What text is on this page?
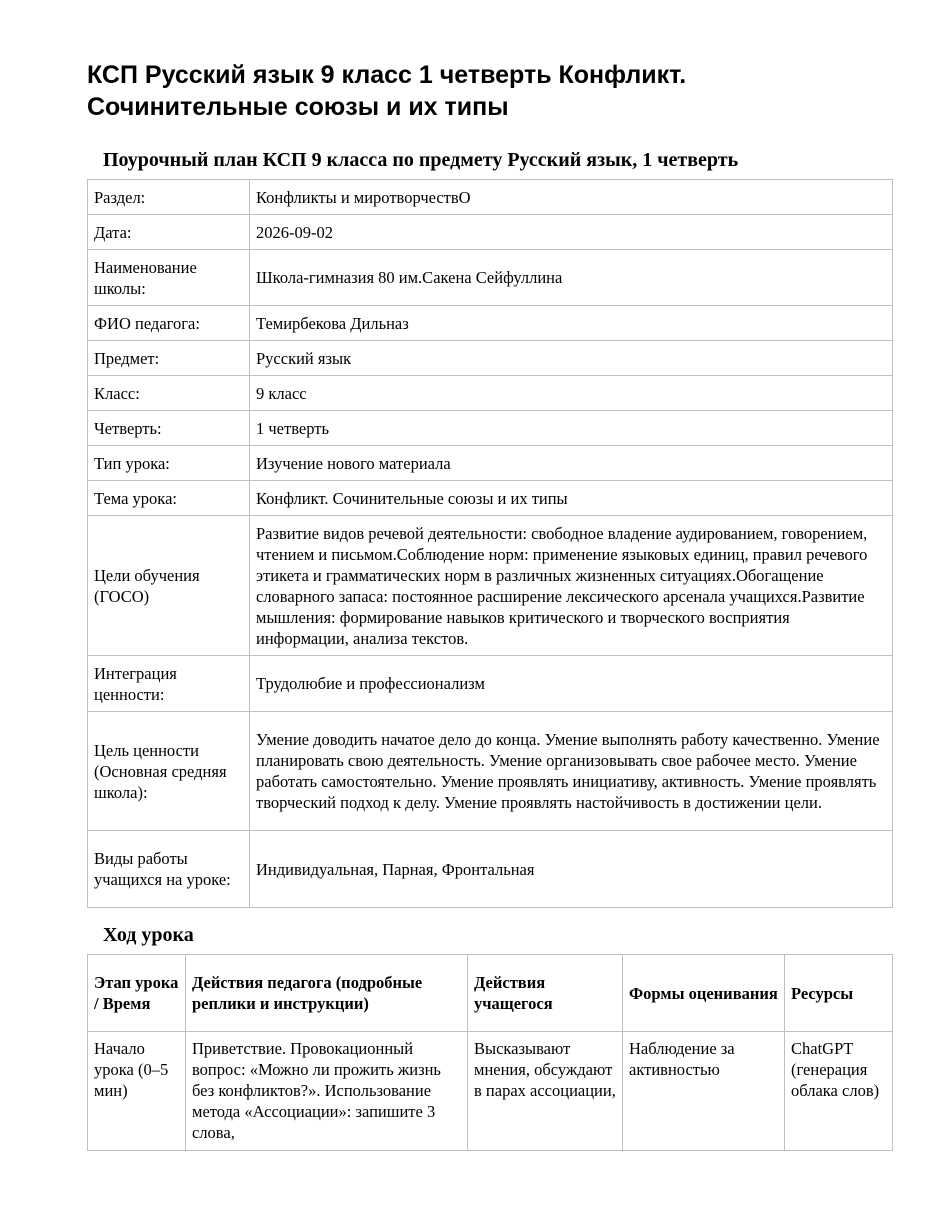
КСП Русский язык 9 класс 1 четверть Конфликт.
Сочинительные союзы и их типы
Поурочный план КСП 9 класса по предмету Русский язык, 1 четверть
Раздел:	Конфликты и миротворчествО
Дата:	2026-09-02
Наименование школы:	Школа-гимназия 80 им.Сакена Сейфуллина
ФИО педагога:	Темирбекова Дильназ
Предмет:	Русский язык
Класс:	9 класс
Четверть:	1 четверть
Тип урока:	Изучение нового материала
Тема урока:	Конфликт. Сочинительные союзы и их типы
Цели обучения (ГОСО)	Развитие видов речевой деятельности: свободное владение аудированием, говорением, чтением и письмом.Соблюдение норм: применение языковых единиц, правил речевого этикета и грамматических норм в различных жизненных ситуациях.Обогащение словарного запаса: постоянное расширение лексического арсенала учащихся.Развитие мышления: формирование навыков критического и творческого восприятия информации, анализа текстов.
Интеграция ценности:	Трудолюбие и профессионализм
Цель ценности (Основная средняя школа):	Умение доводить начатое дело до конца. Умение выполнять работу качественно. Умение планировать свою деятельность. Умение организовывать свое рабочее место. Умение работать самостоятельно. Умение проявлять инициативу, активность. Умение проявлять творческий подход к делу. Умение проявлять настойчивость в достижении цели.
Виды работы учащихся на уроке:	Индивидуальная, Парная, Фронтальная
Ход урока
Этап урока / Время	Действия педагога (подробные реплики и инструкции)	Действия учащегося	Формы оценивания	Ресурсы
Начало урока (0–5 мин)	Приветствие. Провокационный вопрос: «Можно ли прожить жизнь без конфликтов?». Использование метода «Ассоциации»: запишите 3 слова,	Высказывают мнения, обсуждают в парах ассоциации,	Наблюдение за активностью	ChatGPT (генерация облака слов)
